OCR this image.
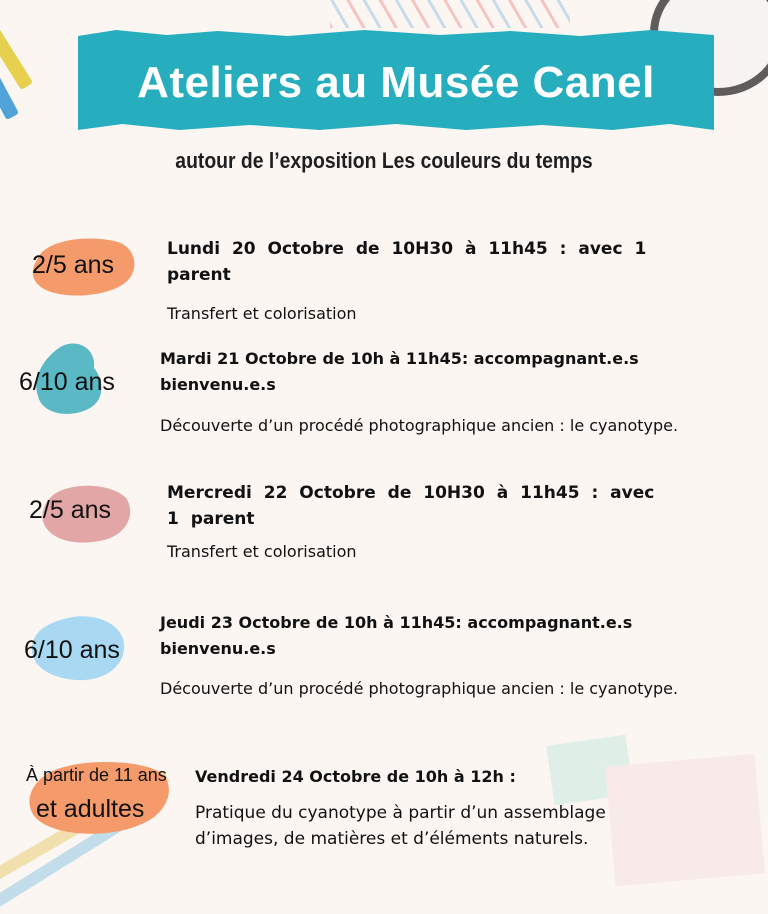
Ateliers au Musée Canel
autour de l’exposition Les couleurs du temps
2/5 ans
Lundi 20 Octobre de 10H30 à 11h45 : avec 1 parent
Transfert et colorisation
6/10 ans
Mardi 21 Octobre de 10h à 11h45: accompagnant.e.s bienvenu.e.s
Découverte d’un procédé photographique ancien : le cyanotype.
2/5 ans
Mercredi 22 Octobre de 10H30 à 11h45 : avec 1 parent
Transfert et colorisation
6/10 ans
Jeudi 23 Octobre de 10h à 11h45: accompagnant.e.s bienvenu.e.s
Découverte d’un procédé photographique ancien : le cyanotype.
À partir de 11 ans
et adultes
Vendredi 24 Octobre de 10h à 12h :
Pratique du cyanotype à partir d’un assemblage d’images, de matières et d’éléments naturels.
